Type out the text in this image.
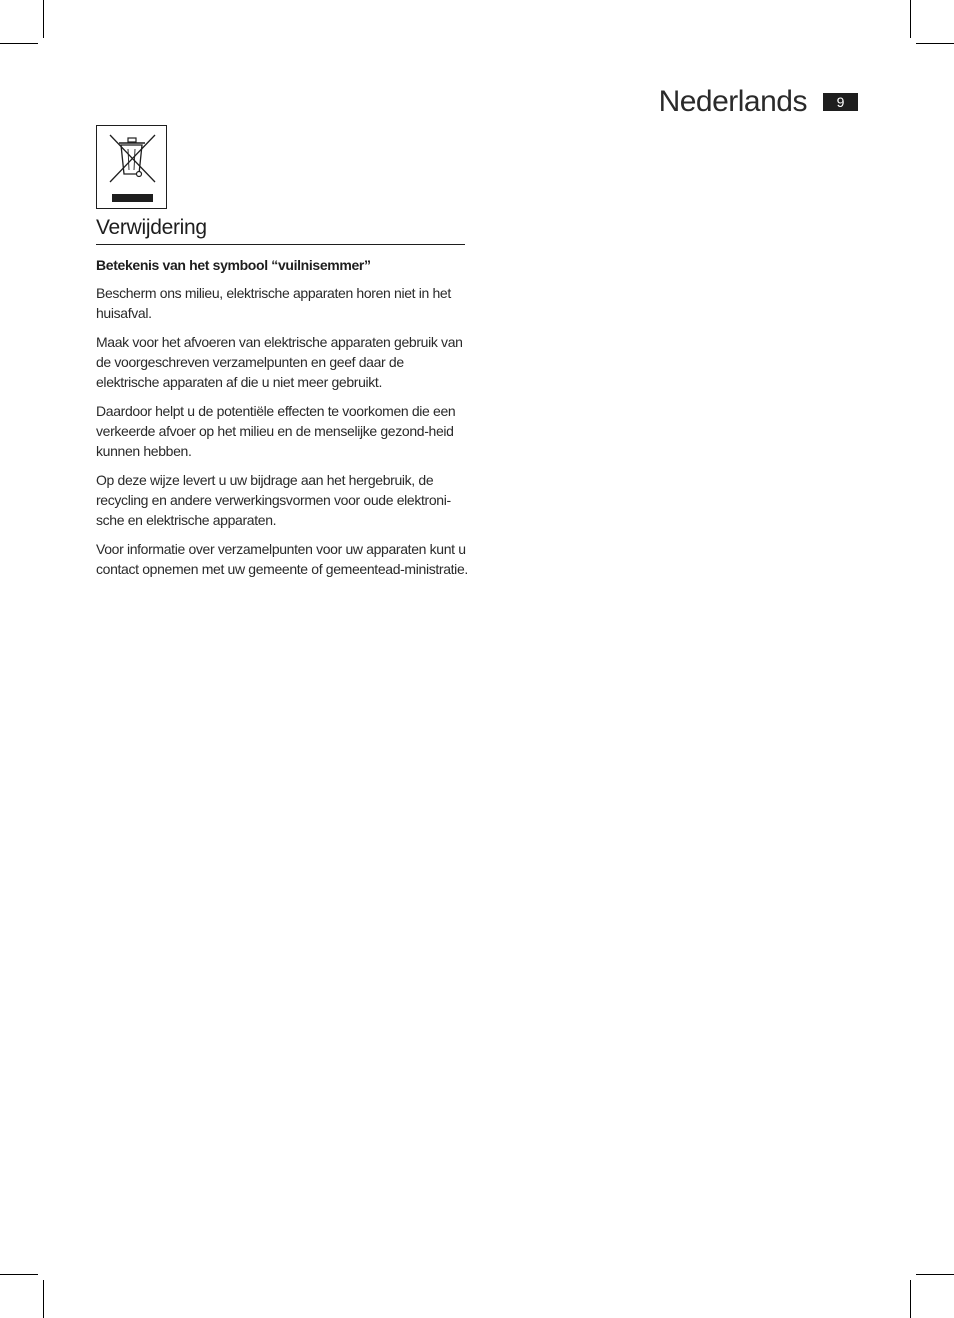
Nederlands	9
Verwijdering
Betekenis van het symbool “vuilnisemmer”

Bescherm ons milieu, elektrische apparaten horen niet in het huisafval.

Maak voor het afvoeren van elektrische apparaten gebruik van de voorgeschreven verzamelpunten en geef daar de elektrische apparaten af die u niet meer gebruikt.

Daardoor helpt u de potentiële effecten te voorkomen die een verkeerde afvoer op het milieu en de menselijke gezond-heid kunnen hebben.

Op deze wijze levert u uw bijdrage aan het hergebruik, de recycling en andere verwerkingsvormen voor oude elektroni-sche en elektrische apparaten.

Voor informatie over verzamelpunten voor uw apparaten kunt u contact opnemen met uw gemeente of gemeentead-ministratie.
